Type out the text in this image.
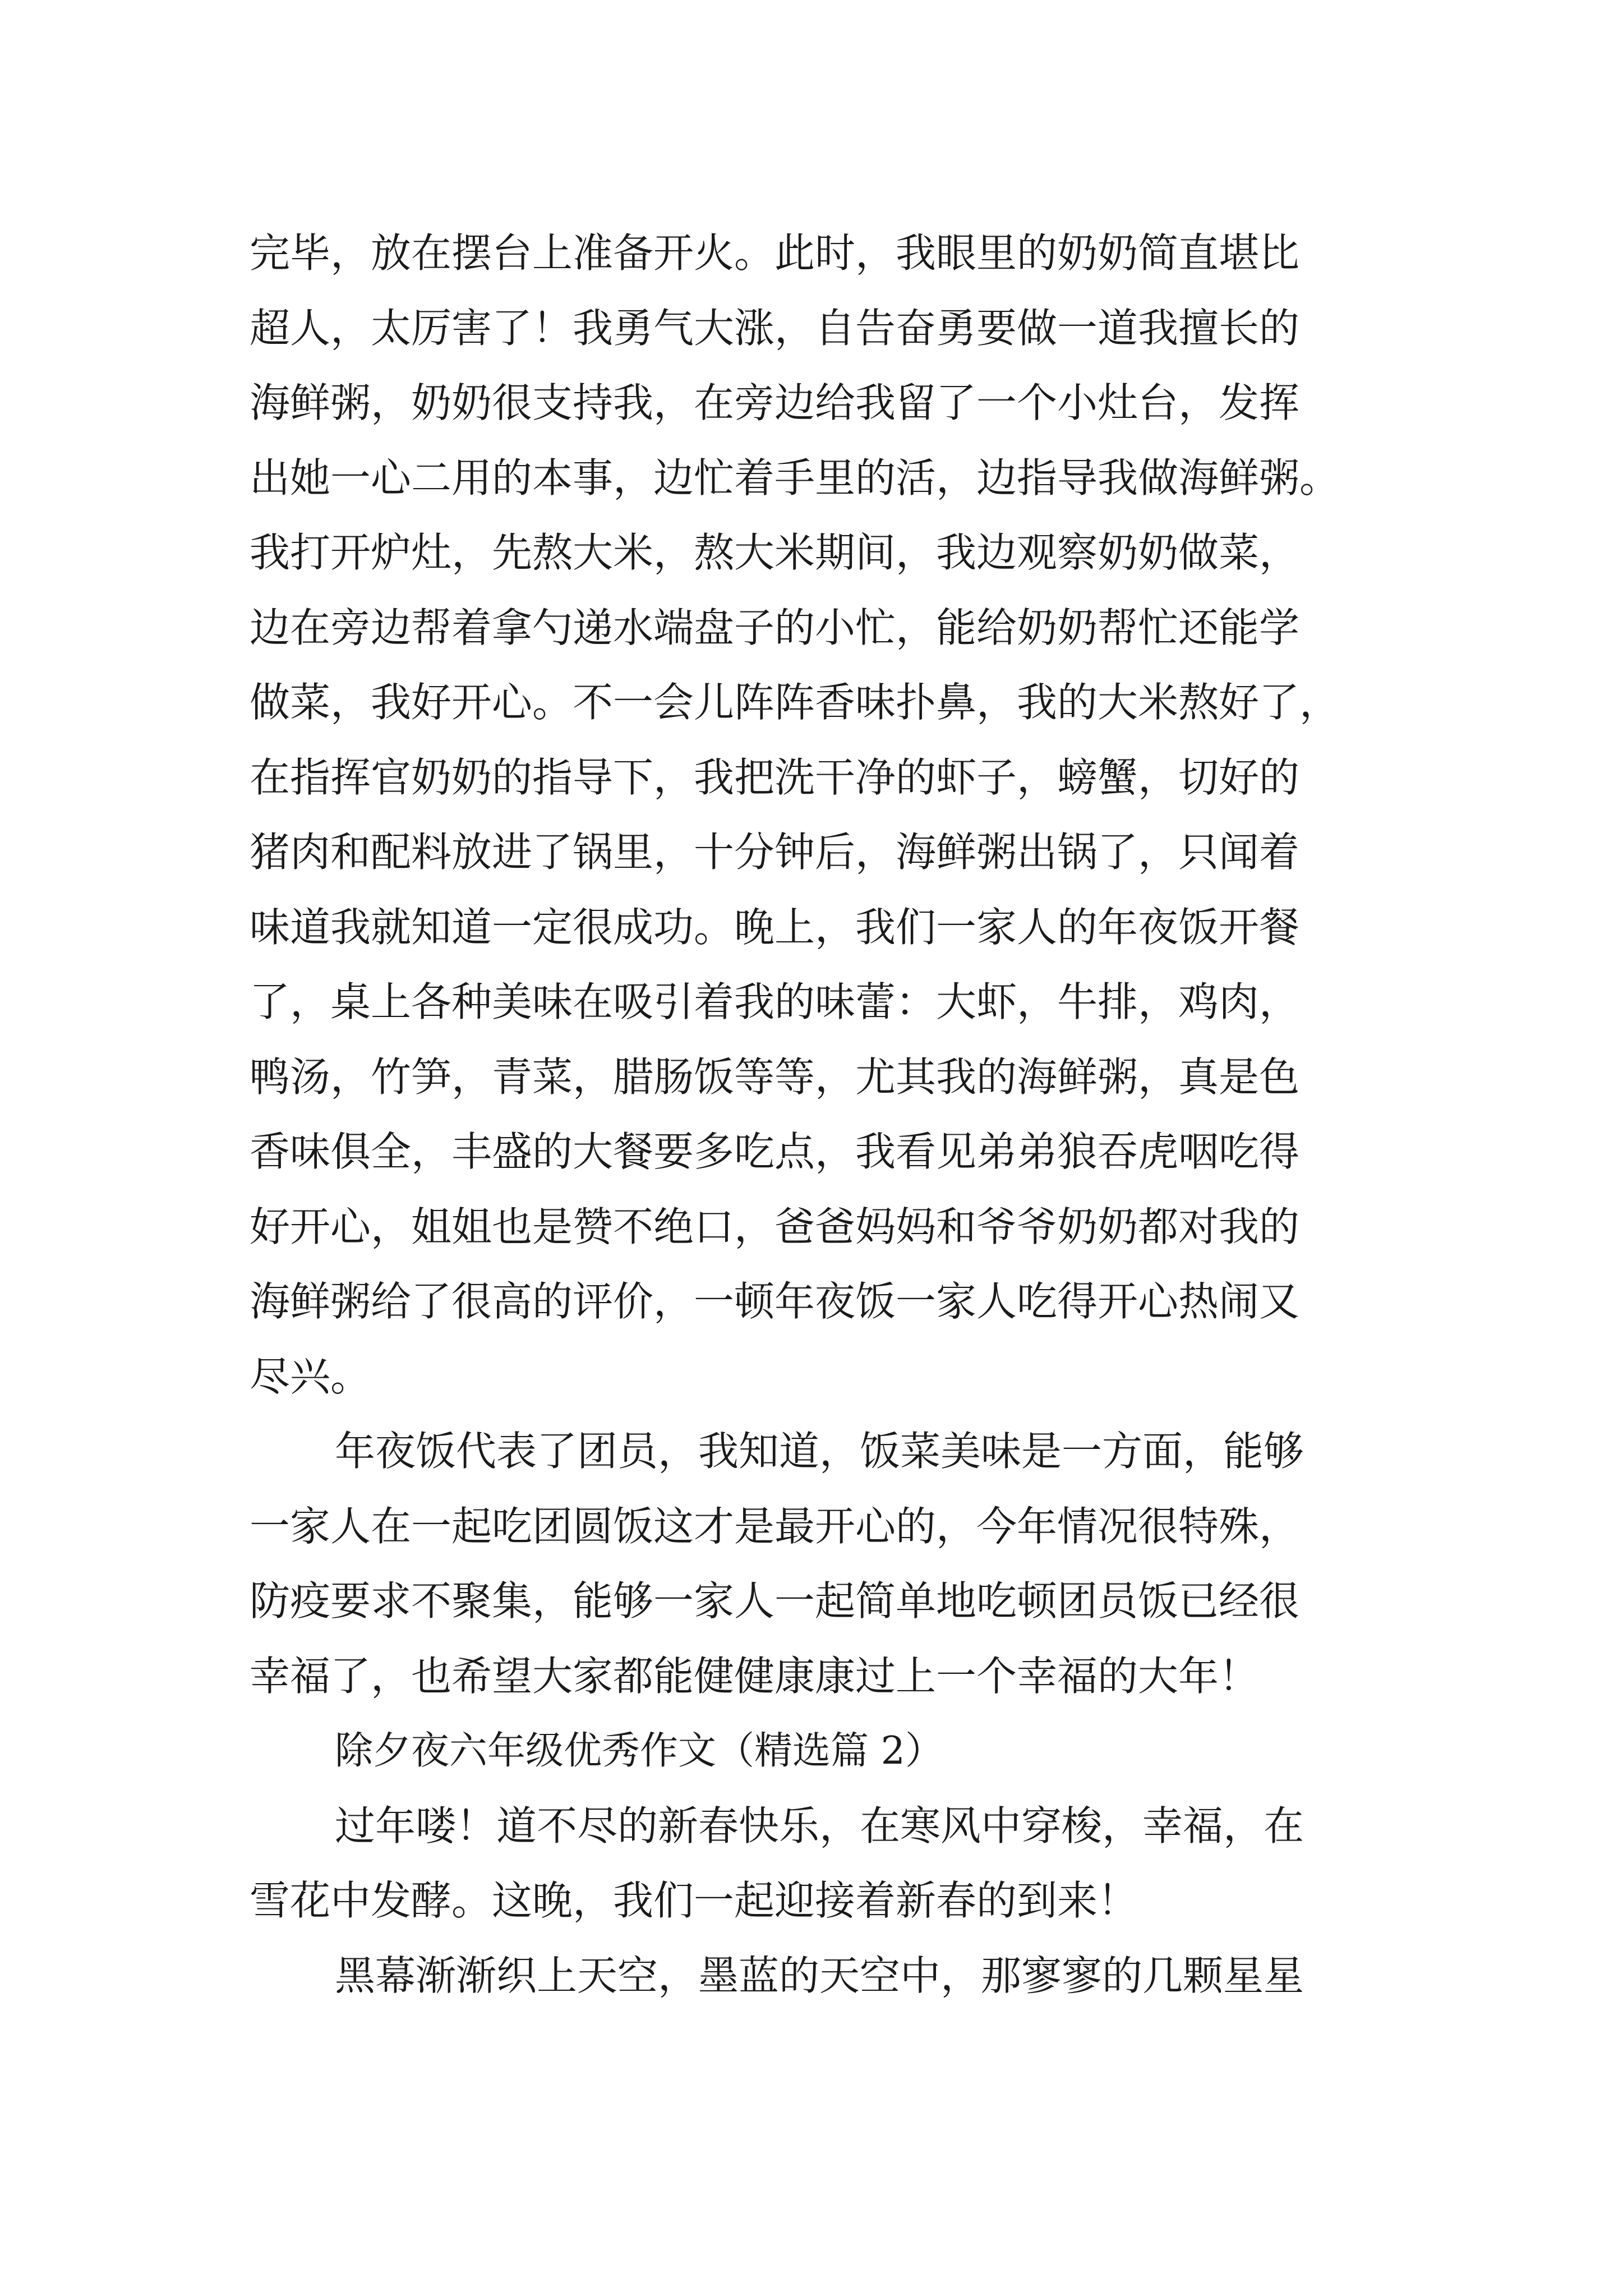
完毕，放在摆台上准备开火。此时，我眼里的奶奶简直堪比
超人，太厉害了！我勇气大涨，自告奋勇要做一道我擅长的
海鲜粥，奶奶很支持我，在旁边给我留了一个小灶台，发挥
出她一心二用的本事，边忙着手里的活，边指导我做海鲜粥。
我打开炉灶，先熬大米，熬大米期间，我边观察奶奶做菜，
边在旁边帮着拿勺递水端盘子的小忙，能给奶奶帮忙还能学
做菜，我好开心。不一会儿阵阵香味扑鼻，我的大米熬好了，
在指挥官奶奶的指导下，我把洗干净的虾子，螃蟹，切好的
猪肉和配料放进了锅里，十分钟后，海鲜粥出锅了，只闻着
味道我就知道一定很成功。晚上，我们一家人的年夜饭开餐
了，桌上各种美味在吸引着我的味蕾：大虾，牛排，鸡肉，
鸭汤，竹笋，青菜，腊肠饭等等，尤其我的海鲜粥，真是色
香味俱全，丰盛的大餐要多吃点，我看见弟弟狼吞虎咽吃得
好开心，姐姐也是赞不绝口，爸爸妈妈和爷爷奶奶都对我的
海鲜粥给了很高的评价，一顿年夜饭一家人吃得开心热闹又
尽兴。
年夜饭代表了团员，我知道，饭菜美味是一方面，能够
一家人在一起吃团圆饭这才是最开心的，今年情况很特殊，
防疫要求不聚集，能够一家人一起简单地吃顿团员饭已经很
幸福了，也希望大家都能健健康康过上一个幸福的大年！
除夕夜六年级优秀作文（精选篇 2）
过年喽！道不尽的新春快乐，在寒风中穿梭，幸福，在
雪花中发酵。这晚，我们一起迎接着新春的到来！
黑幕渐渐织上天空，墨蓝的天空中，那寥寥的几颗星星
